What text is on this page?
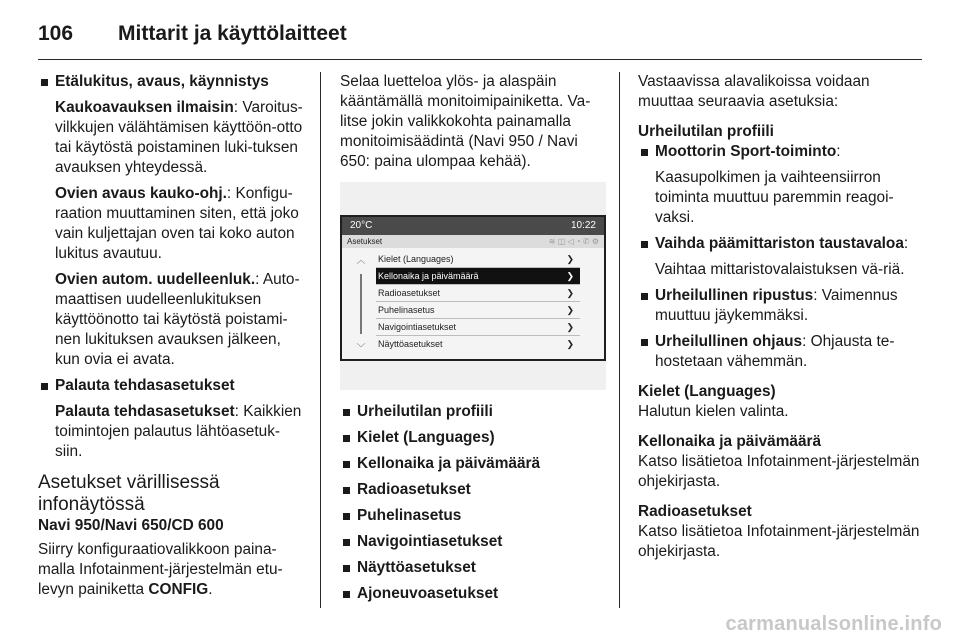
106	Mittarit ja käyttölaitteet
Etälukitus, avaus, käynnistys
Kaukoavauksen ilmaisin: Varoitus-vilkkujen välähtämisen käyttöön-otto tai käytöstä poistaminen luki-tuksen avauksen yhteydessä.
Ovien avaus kauko-ohj.: Konfigu-raation muuttaminen siten, että joko vain kuljettajan oven tai koko auton lukitus avautuu.
Ovien autom. uudelleenluk.: Auto-maattisen uudelleenlukituksen käyttöönotto tai käytöstä poistami-nen lukituksen avauksen jälkeen, kun ovia ei avata.
Palauta tehdasasetukset
Palauta tehdasasetukset: Kaikkien toimintojen palautus lähtöasetuk-siin.
Asetukset värillisessä infonäytössä
Navi 950/Navi 650/CD 600
Siirry konfiguraatiovalikkoon paina-malla Infotainment-järjestelmän etu-levyn painiketta CONFIG.
Selaa luetteloa ylös- ja alaspäin kääntämällä monitoimipainiketta. Va-litse jokin valikkokohta painamalla monitoimisäädintä (Navi 950 / Navi 650: paina ulompaa kehää).
20°C	10:22
Asetukset	≋ ◫ ◁ ◔ ✆ ⚙
︿
﹀
Kielet (Languages)	❯
Kellonaika ja päivämäärä	❯
Radioasetukset	❯
Puhelinasetus	❯
Navigointiasetukset	❯
Näyttöasetukset	❯
Urheilutilan profiili
Kielet (Languages)
Kellonaika ja päivämäärä
Radioasetukset
Puhelinasetus
Navigointiasetukset
Näyttöasetukset
Ajoneuvoasetukset
Vastaavissa alavalikoissa voidaan muuttaa seuraavia asetuksia:
Urheilutilan profiili
Moottorin Sport-toiminto:
Kaasupolkimen ja vaihteensiirron toiminta muuttuu paremmin reagoi-vaksi.
Vaihda päämittariston taustavaloa:
Vaihtaa mittaristovalaistuksen vä-riä.
Urheilullinen ripustus: Vaimennus muuttuu jäykemmäksi.
Urheilullinen ohjaus: Ohjausta te-hostetaan vähemmän.
Kielet (Languages)
Halutun kielen valinta.
Kellonaika ja päivämäärä
Katso lisätietoa Infotainment-järjestelmän ohjekirjasta.
Radioasetukset
Katso lisätietoa Infotainment-järjestelmän ohjekirjasta.
carmanualsonline.info
